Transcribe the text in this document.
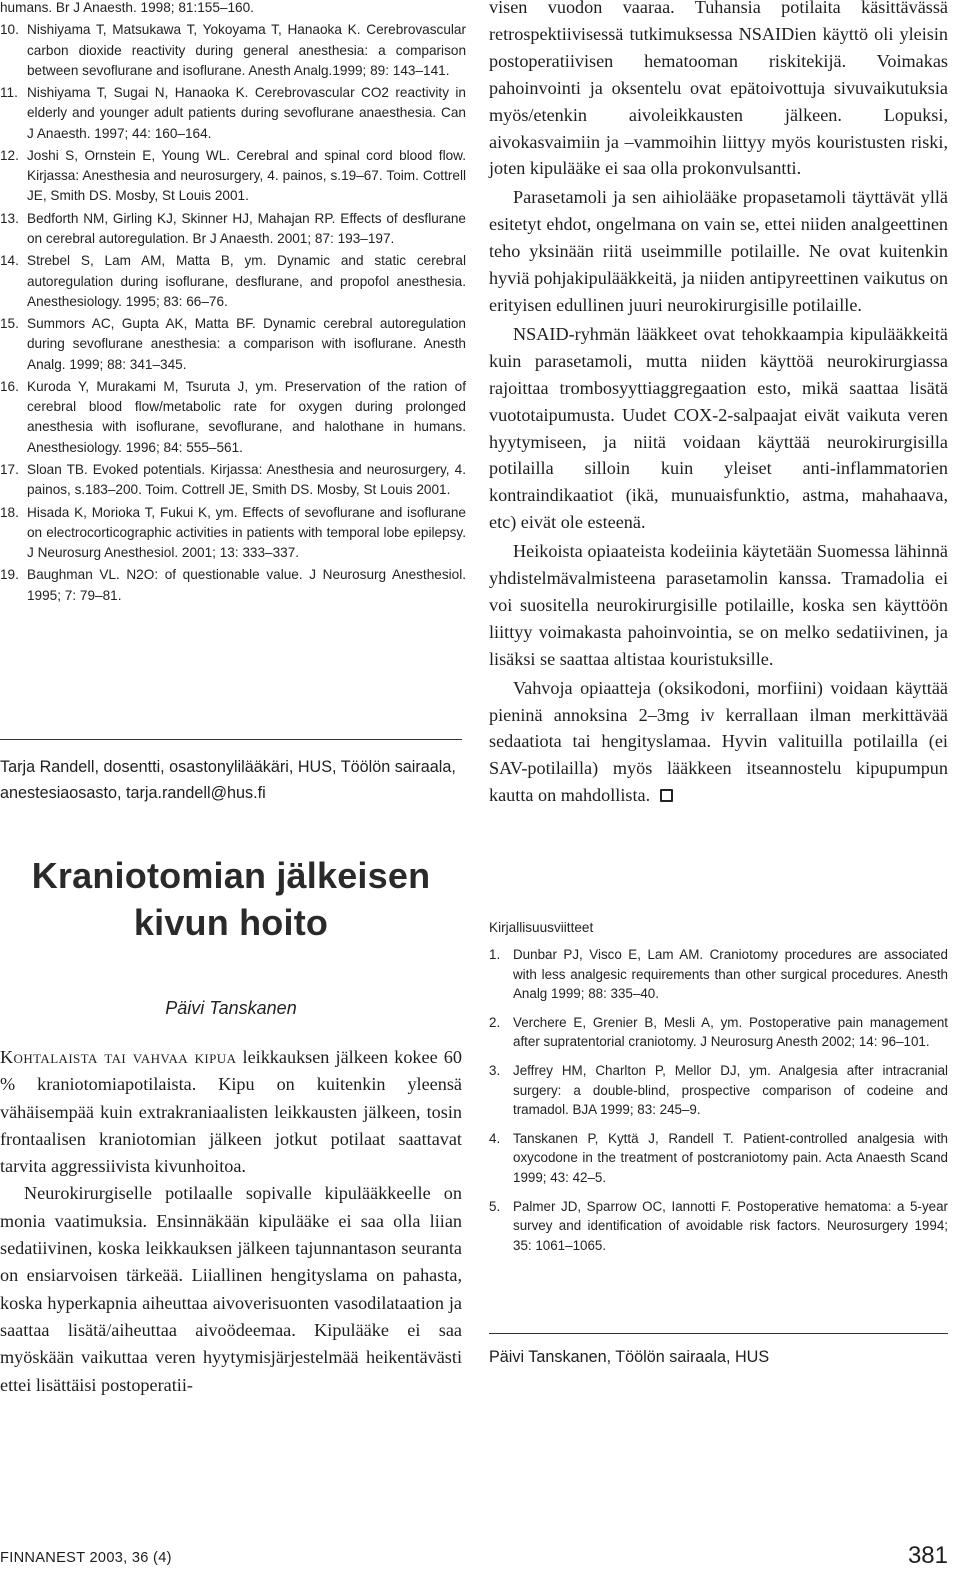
humans. Br J Anaesth. 1998; 81:155–160.
10. Nishiyama T, Matsukawa T, Yokoyama T, Hanaoka K. Cerebrovascular carbon dioxide reactivity during general anesthesia: a comparison between sevoflurane and isoflurane. Anesth Analg.1999; 89: 143–141.
11. Nishiyama T, Sugai N, Hanaoka K. Cerebrovascular CO2 reactivity in elderly and younger adult patients during sevoflurane anaesthesia. Can J Anaesth. 1997; 44: 160–164.
12. Joshi S, Ornstein E, Young WL. Cerebral and spinal cord blood flow. Kirjassa: Anesthesia and neurosurgery, 4. painos, s.19–67. Toim. Cottrell JE, Smith DS. Mosby, St Louis 2001.
13. Bedforth NM, Girling KJ, Skinner HJ, Mahajan RP. Effects of desflurane on cerebral autoregulation. Br J Anaesth. 2001; 87: 193–197.
14. Strebel S, Lam AM, Matta B, ym. Dynamic and static cerebral autoregulation during isoflurane, desflurane, and propofol anesthesia. Anesthesiology. 1995; 83: 66–76.
15. Summors AC, Gupta AK, Matta BF. Dynamic cerebral autoregulation during sevoflurane anesthesia: a comparison with isoflurane. Anesth Analg. 1999; 88: 341–345.
16. Kuroda Y, Murakami M, Tsuruta J, ym. Preservation of the ration of cerebral blood flow/metabolic rate for oxygen during prolonged anesthesia with isoflurane, sevoflurane, and halothane in humans. Anesthesiology. 1996; 84: 555–561.
17. Sloan TB. Evoked potentials. Kirjassa: Anesthesia and neurosurgery, 4. painos, s.183–200. Toim. Cottrell JE, Smith DS. Mosby, St Louis 2001.
18. Hisada K, Morioka T, Fukui K, ym. Effects of sevoflurane and isoflurane on electrocorticographic activities in patients with temporal lobe epilepsy. J Neurosurg Anesthesiol. 2001; 13: 333–337.
19. Baughman VL. N2O: of questionable value. J Neurosurg Anesthesiol. 1995; 7: 79–81.
Tarja Randell, dosentti, osastonylilääkäri, HUS, Töölön sairaala, anestesiaosasto, tarja.randell@hus.fi
Kraniotomian jälkeisen kivun hoito
Päivi Tanskanen

Kohtalaista tai vahvaa kipua leikkauksen jälkeen kokee 60 % kraniotomiapotilaista. Kipu on kuitenkin yleensä vähäisempää kuin extrakraniaalisten leikkausten jälkeen, tosin frontaalisen kraniotomian jälkeen jotkut potilaat saattavat tarvita aggressiivista kivunhoitoa.

Neurokirurgiselle potilaalle sopivalle kipulääkkeelle on monia vaatimuksia. Ensinnäkään kipulääke ei saa olla liian sedatiivinen, koska leikkauksen jälkeen tajunnantason seuranta on ensiarvoisen tärkeää. Liiallinen hengityslama on pahasta, koska hyperkapnia aiheuttaa aivoverisuonten vasodilataation ja saattaa lisätä/aiheuttaa aivoödeemaa. Kipulääke ei saa myöskään vaikuttaa veren hyytymisjärjestelmää heikentävästi ettei lisättäisi postoperatii-

visen vuodon vaaraa. Tuhansia potilaita käsittävässä retrospektiivisessä tutkimuksessa NSAIDien käyttö oli yleisin postoperatiivisen hematooman riskitekijä. Voimakas pahoinvointi ja oksentelu ovat epätoivottuja sivuvaikutuksia myös/etenkin aivoleikkausten jälkeen. Lopuksi, aivokasvaimiin ja –vammoihin liittyy myös kouristusten riski, joten kipulääke ei saa olla prokonvulsantti.

Parasetamoli ja sen aihiolääke propasetamoli täyttävät yllä esitetyt ehdot, ongelmana on vain se, ettei niiden analgeettinen teho yksinään riitä useimmille potilaille. Ne ovat kuitenkin hyviä pohjakipulääkkeitä, ja niiden antipyreettinen vaikutus on erityisen edullinen juuri neurokirurgisille potilaille.

NSAID-ryhmän lääkkeet ovat tehokkaampia kipulääkkeitä kuin parasetamoli, mutta niiden käyttöä neurokirurgiassa rajoittaa trombosyyttiaggregaation esto, mikä saattaa lisätä vuototaipumusta. Uudet COX-2-salpaajat eivät vaikuta veren hyytymiseen, ja niitä voidaan käyttää neurokirurgisilla potilailla silloin kuin yleiset anti-inflammatorien kontraindikaatiot (ikä, munuaisfunktio, astma, mahahaava, etc) eivät ole esteenä.

Heikoista opiaateista kodeiinia käytetään Suomessa lähinnä yhdistelmävalmisteena parasetamolin kanssa. Tramadolia ei voi suositella neurokirurgisille potilaille, koska sen käyttöön liittyy voimakasta pahoinvointia, se on melko sedatiivinen, ja lisäksi se saattaa altistaa kouristuksille.

Vahvoja opiaatteja (oksikodoni, morfiini) voidaan käyttää pieninä annoksina 2–3mg iv kerrallaan ilman merkittävää sedaatiota tai hengityslamaa. Hyvin valituilla potilailla (ei SAV-potilailla) myös lääkkeen itseannostelu kipupumpun kautta on mahdollista.

Kirjallisuusviitteet
1. Dunbar PJ, Visco E, Lam AM. Craniotomy procedures are associated with less analgesic requirements than other surgical procedures. Anesth Analg 1999; 88: 335–40.
2. Verchere E, Grenier B, Mesli A, ym. Postoperative pain management after supratentorial craniotomy. J Neurosurg Anesth 2002; 14: 96–101.
3. Jeffrey HM, Charlton P, Mellor DJ, ym. Analgesia after intracranial surgery: a double-blind, prospective comparison of codeine and tramadol. BJA 1999; 83: 245–9.
4. Tanskanen P, Kyttä J, Randell T. Patient-controlled analgesia with oxycodone in the treatment of postcraniotomy pain. Acta Anaesth Scand 1999; 43: 42–5.
5. Palmer JD, Sparrow OC, Iannotti F. Postoperative hematoma: a 5-year survey and identification of avoidable risk factors. Neurosurgery 1994; 35: 1061–1065.
Päivi Tanskanen, Töölön sairaala, HUS
FINNANEST 2003, 36 (4)	381
